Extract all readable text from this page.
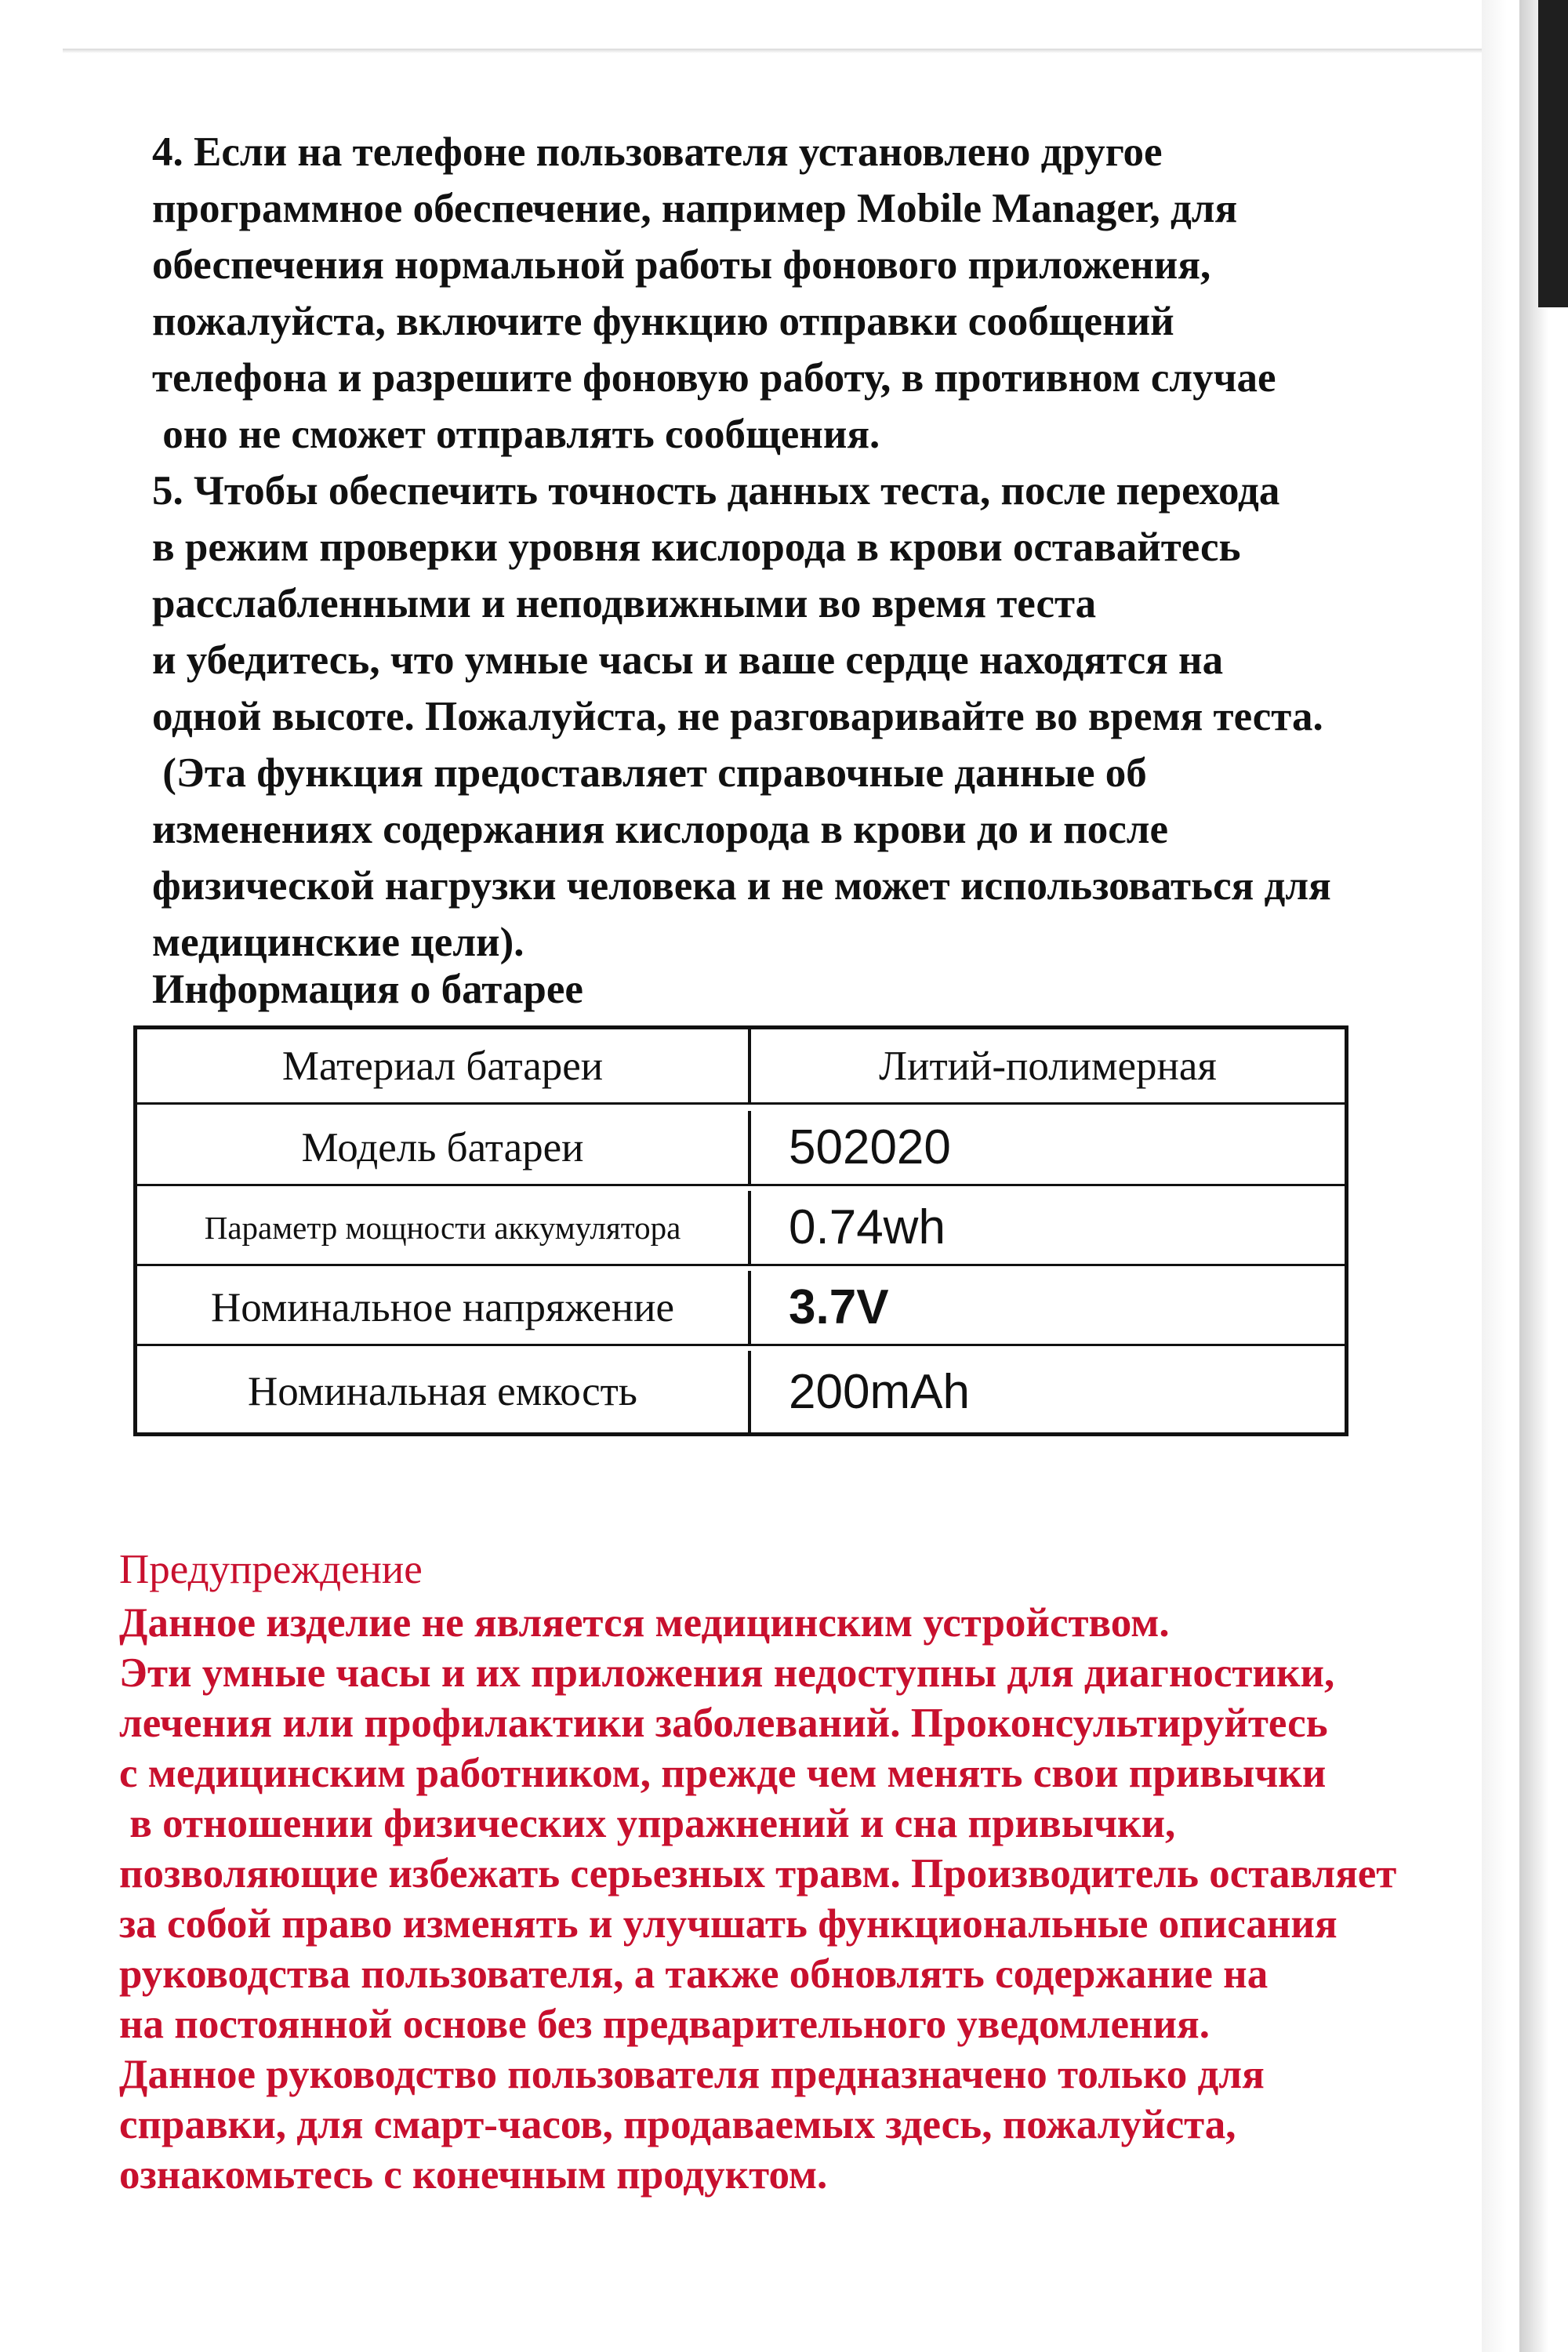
4. Если на телефоне пользователя установлено другое
программное обеспечение, например Mobile Manager, для
обеспечения нормальной работы фонового приложения,
пожалуйста, включите функцию отправки сообщений
телефона и разрешите фоновую работу, в противном случае
оно не сможет отправлять сообщения.
5. Чтобы обеспечить точность данных теста, после перехода
в режим проверки уровня кислорода в крови оставайтесь
расслабленными и неподвижными во время теста
и убедитесь, что умные часы и ваше сердце находятся на
одной высоте. Пожалуйста, не разговаривайте во время теста.
(Эта функция предоставляет справочные данные об
изменениях содержания кислорода в крови до и после
физической нагрузки человека и не может использоваться для
медицинские цели).
Информация о батарее
Материал батареи	Литий-полимерная
Модель батареи	502020
Параметр мощности аккумулятора	0.74wh
Номинальное напряжение	3.7V
Номинальная емкость	200mAh
Предупреждение
Данное изделие не является медицинским устройством.
Эти умные часы и их приложения недоступны для диагностики,
лечения или профилактики заболеваний. Проконсультируйтесь
с медицинским работником, прежде чем менять свои привычки
в отношении физических упражнений и сна привычки,
позволяющие избежать серьезных травм. Производитель оставляет
за собой право изменять и улучшать функциональные описания
руководства пользователя, а также обновлять содержание на
на постоянной основе без предварительного уведомления.
Данное руководство пользователя предназначено только для
справки, для смарт-часов, продаваемых здесь, пожалуйста,
ознакомьтесь с конечным продуктом.
